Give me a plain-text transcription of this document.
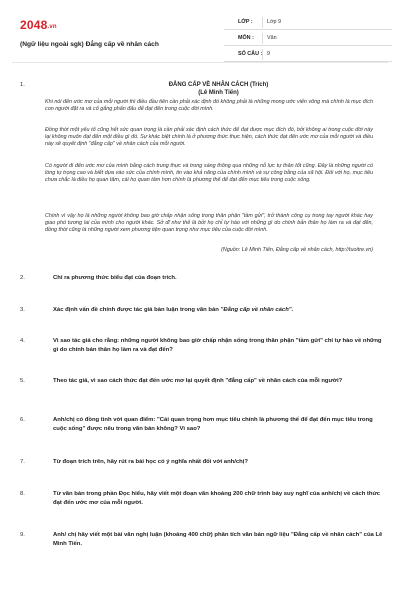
2048.vn
(Ngữ liệu ngoài sgk) Đẳng cấp về nhân cách
LỚP :	Lớp 9
MÔN : Văn
SỐ CÂU : 9
1.	ĐẲNG CẤP VỀ NHÂN CÁCH (Trích)
(Lê Minh Tiến)
Khi nói đến ước mơ của mỗi người thì điều đầu tiên cần phải xác định đó không phải là những mong ước viển vông mà chính là mục đích con người đặt ra và cố gắng phấn đấu để đạt đến trong cuộc đời mình.
Đồng thời một yếu tố cũng hết sức quan trọng là cần phải xác định cách thức để đạt được mục đích đó, bởi không ai trong cuộc đời này lại không muốn đạt đến một điều gì đó. Sự khác biệt chính là ở phương thức thực hiện, cách thức đạt đến ước mơ của mỗi người và điều này sẽ quyết định "đẳng cấp" về nhân cách của mỗi người.
Có người đi đến ước mơ của mình bằng cách trung thực và trong sáng thông qua những nỗ lực tự thân tốt cũng. Đây là những người có lòng tự trọng cao và biết dựa vào sức của chính mình, tin vào khả năng của chính mình và sự công bằng của xã hội. Đối với họ, mục tiêu chưa chắc là điều họ quan tâm, cái họ quan tâm hơn chính là phương thế để đạt đến mục tiêu trong cuộc sống.
Chính vì vậy họ là những người không bao giờ chấp nhận sống trong thân phận "tầm gửi", trở thành công cụ trong tay người khác hay giao phó tương lai của mình cho người khác. Sở dĩ như thế là bởi họ chỉ tự hào với những gì do chính bản thân họ làm ra và đạt đến, đồng thời cũng là những người xem phương tiện quan trọng như mục tiêu của cuộc đời mình.
(Nguồn: Lê Minh Tiến, Đẳng cấp về nhân cách, http://tuoitre.vn)
2.	Chỉ ra phương thức biểu đạt của đoạn trích.
3.	Xác định vấn đề chính được tác giả bàn luận trong văn bản "Đẳng cấp về nhân cách".
4.	Vì sao tác giả cho rằng: những người không bao giờ chấp nhận sống trong thân phận "tầm gửi" chỉ tự hào về những gì do chính bản thân họ làm ra và đạt đến?
5.	Theo tác giả, vì sao cách thức đạt đến ước mơ lại quyết định "đẳng cấp" về nhân cách của mỗi người?
6.	Anh/chị có đồng tình với quan điểm: "Cái quan trọng hơn mục tiêu chính là phương thế để đạt đến mục tiêu trong cuộc sống" được nêu trong văn bản không? Vì sao?
7.	Từ đoạn trích trên, hãy rút ra bài học có ý nghĩa nhất đối với anh/chị?
8.	Từ văn bản trong phần Đọc hiểu, hãy viết một đoạn văn khoảng 200 chữ trình bày suy nghĩ của anh/chị về cách thức đạt đến ước mơ của mỗi người.
9.	Anh/ chị hãy viết một bài văn nghị luận (khoảng 400 chữ) phân tích văn bản ngữ liệu "Đẳng cấp về nhân cách" của Lê Minh Tiến.
